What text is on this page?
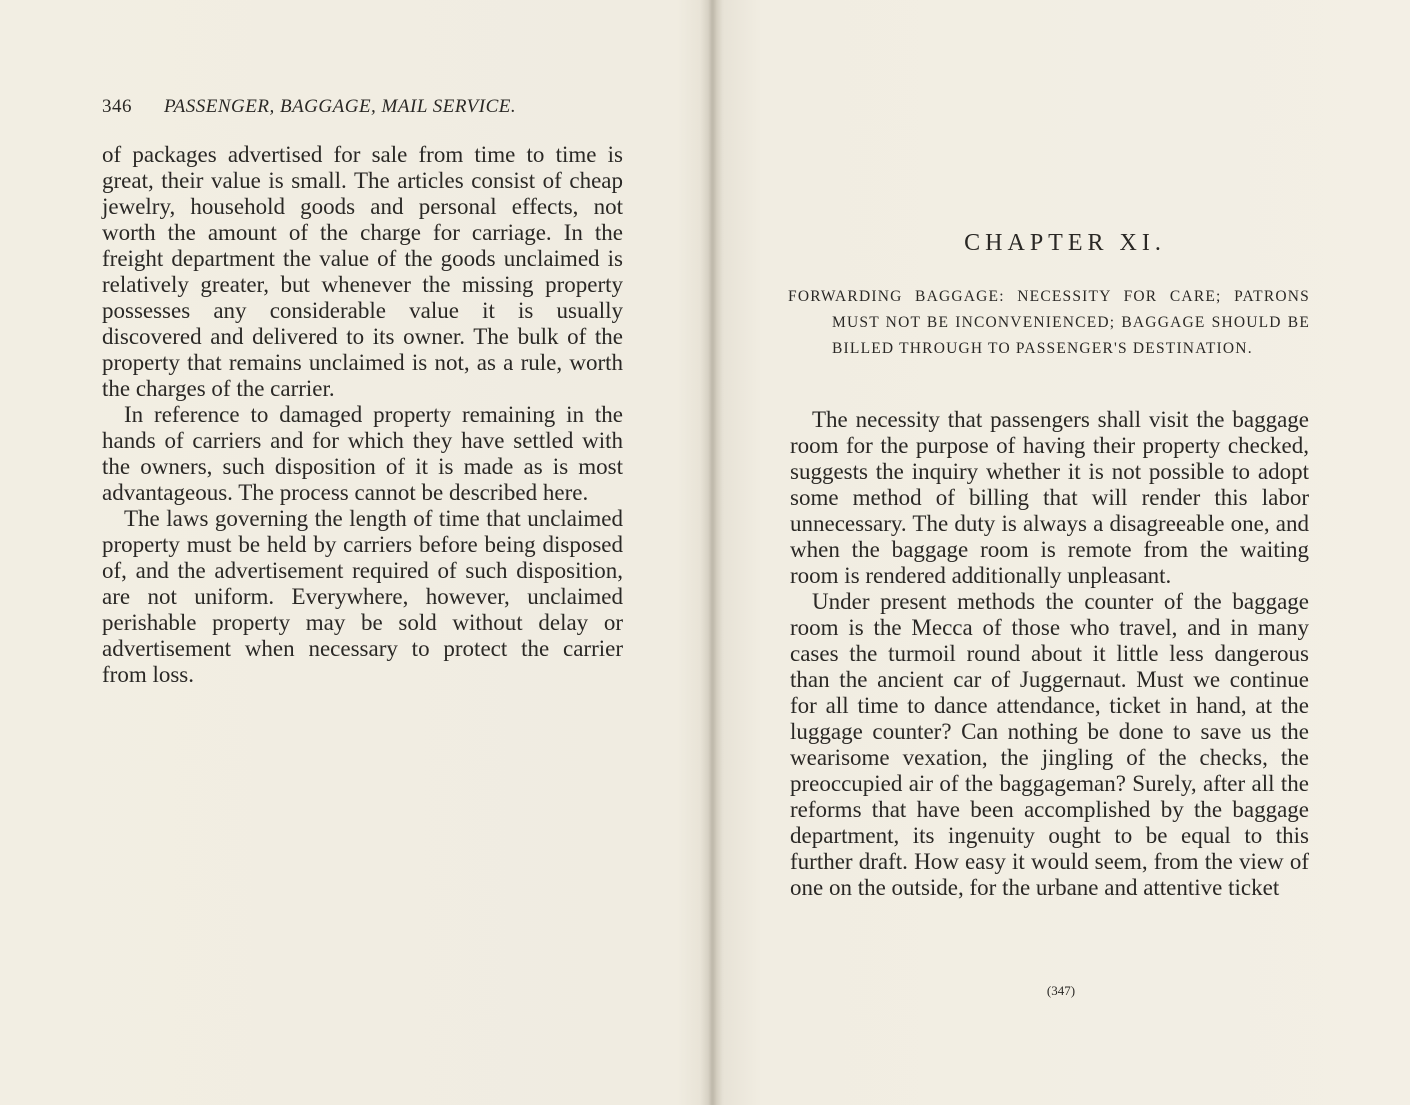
346 PASSENGER, BAGGAGE, MAIL SERVICE.

of packages advertised for sale from time to time is great, their value is small. The articles consist of cheap jewelry, household goods and personal effects, not worth the amount of the charge for carriage. In the freight department the value of the goods unclaimed is relatively greater, but whenever the missing property possesses any considerable value it is usually discovered and delivered to its owner. The bulk of the property that remains unclaimed is not, as a rule, worth the charges of the carrier.

In reference to damaged property remaining in the hands of carriers and for which they have settled with the owners, such disposition of it is made as is most advantageous. The process cannot be described here.

The laws governing the length of time that unclaimed property must be held by carriers before being disposed of, and the advertisement required of such disposition, are not uniform. Everywhere, however, unclaimed perishable property may be sold without delay or advertisement when necessary to protect the carrier from loss.

CHAPTER XI.
FORWARDING BAGGAGE: NECESSITY FOR CARE; PATRONS MUST NOT BE INCONVENIENCED; BAGGAGE SHOULD BE BILLED THROUGH TO PASSENGER'S DESTINATION.

The necessity that passengers shall visit the baggage room for the purpose of having their property checked, suggests the inquiry whether it is not possible to adopt some method of billing that will render this labor unnecessary. The duty is always a disagreeable one, and when the baggage room is remote from the waiting room is rendered additionally unpleasant.

Under present methods the counter of the baggage room is the Mecca of those who travel, and in many cases the turmoil round about it little less dangerous than the ancient car of Juggernaut. Must we continue for all time to dance attendance, ticket in hand, at the luggage counter? Can nothing be done to save us the wearisome vexation, the jingling of the checks, the preoccupied air of the baggageman? Surely, after all the reforms that have been accomplished by the baggage department, its ingenuity ought to be equal to this further draft. How easy it would seem, from the view of one on the outside, for the urbane and attentive ticket

(347)
